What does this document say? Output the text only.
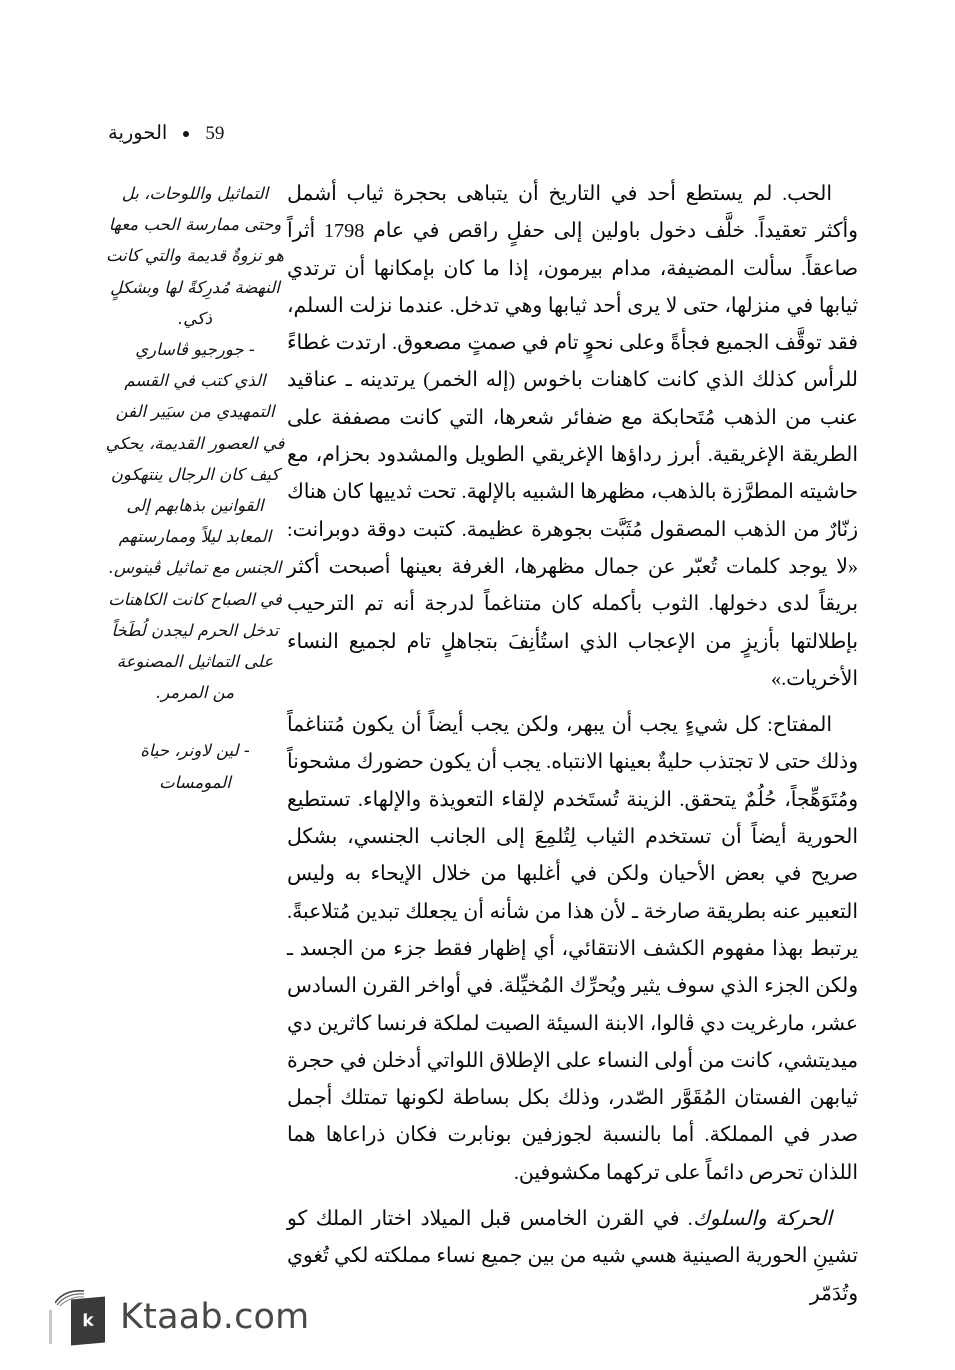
الحورية 59

التماثيل واللوحات، بل وحتى ممارسة الحب معها هو نزوةٌ قديمة والتي كانت النهضة مُدرِكةً لها وبشكلٍ ذكي.

- جورجيو ڤاساري

الذي كتب في القسم التمهيدي من سيَير الفن في العصور القديمة، يحكي كيف كان الرجال ينتهكون القوانين بذهابهم إلى المعابد ليلاً وممارستهم الجنس مع تماثيل ڤينوس. في الصباح كانت الكاهنات تدخل الحرم ليجدن لُطَخاً على التماثيل المصنوعة من المرمر.

- لين لاونر، حياة المومسات

الحب. لم يستطع أحد في التاريخ أن يتباهى بحجرة ثياب أشمل وأكثر تعقيداً. خلَّف دخول باولين إلى حفلٍ راقص في عام 1798 أثراً صاعقاً. سألت المضيفة، مدام بيرمون، إذا ما كان بإمكانها أن ترتدي ثيابها في منزلها، حتى لا يرى أحد ثيابها وهي تدخل. عندما نزلت السلم، فقد توقَّف الجميع فجأةً وعلى نحوٍ تام في صمتٍ مصعوق. ارتدت غطاءً للرأس كذلك الذي كانت كاهنات باخوس (إله الخمر) يرتدينه ـ عناقيد عنب من الذهب مُتَحابكة مع ضفائر شعرها، التي كانت مصففة على الطريقة الإغريقية. أبرز رداؤها الإغريقي الطويل والمشدود بحزام، مع حاشيته المطرَّزة بالذهب، مظهرها الشبيه بالإلهة. تحت ثدييها كان هناك زنّارٌ من الذهب المصقول مُثَبَّت بجوهرة عظيمة. كتبت دوقة دوبرانت: «لا يوجد كلمات تُعبّر عن جمال مظهرها، الغرفة بعينها أصبحت أكثر بريقاً لدى دخولها. الثوب بأكمله كان متناغماً لدرجة أنه تم الترحيب بإطلالتها بأزيزٍ من الإعجاب الذي استُأنِفَ بتجاهلٍ تام لجميع النساء الأخريات.»

المفتاح: كل شيءٍ يجب أن يبهر، ولكن يجب أيضاً أن يكون مُتناغماً وذلك حتى لا تجتذب حليةٌ بعينها الانتباه. يجب أن يكون حضورك مشحوناً ومُتَوَهِّجاً، حُلُمٌ يتحقق. الزينة تُستَخدم لإلقاء التعويذة والإلهاء. تستطيع الحورية أيضاً أن تستخدم الثياب لِتُلمِعَ إلى الجانب الجنسي، بشكل صريح في بعض الأحيان ولكن في أغلبها من خلال الإيحاء به وليس التعبير عنه بطريقة صارخة ـ لأن هذا من شأنه أن يجعلك تبدين مُتلاعبةً. يرتبط بهذا مفهوم الكشف الانتقائي، أي إظهار فقط جزء من الجسد ـ ولكن الجزء الذي سوف يثير ويُحرِّك المُخيِّلة. في أواخر القرن السادس عشر، مارغريت دي ڤالوا، الابنة السيئة الصيت لملكة فرنسا كاثرين دي ميديتشي، كانت من أولى النساء على الإطلاق اللواتي أدخلن في حجرة ثيابهن الفستان المُقَوَّر الصّدر، وذلك بكل بساطة لكونها تمتلك أجمل صدر في المملكة. أما بالنسبة لجوزفين بونابرت فكان ذراعاها هما اللذان تحرص دائماً على تركهما مكشوفين.

الحركة والسلوك. في القرن الخامس قبل الميلاد اختار الملك كو تشينِ الحورية الصينية هسي شيه من بين جميع نساء مملكته لكي تُغوي وتُدَمّر

k Ktaab.com
